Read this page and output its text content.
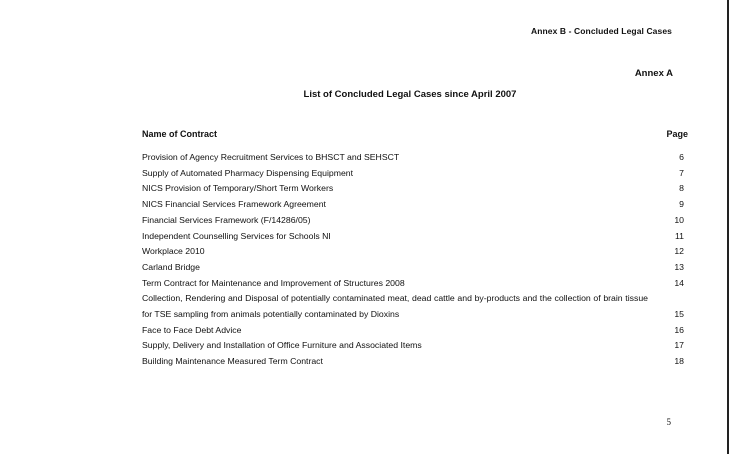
Annex B - Concluded Legal Cases
Annex A
List of Concluded Legal Cases since April 2007
Name of Contract	Page
Provision of Agency Recruitment Services to BHSCT and SEHSCT	6
Supply of Automated Pharmacy Dispensing Equipment	7
NICS Provision of Temporary/Short Term Workers	8
NICS Financial Services Framework Agreement	9
Financial Services Framework (F/14286/05)	10
Independent Counselling Services for Schools NI	11
Workplace 2010	12
Carland Bridge	13
Term Contract for Maintenance and Improvement of Structures 2008	14
Collection, Rendering and Disposal of potentially contaminated meat, dead cattle and by-products and the collection of brain tissue for TSE sampling from animals potentially contaminated by Dioxins	15
Face to Face Debt Advice	16
Supply, Delivery and Installation of Office Furniture and Associated Items	17
Building Maintenance Measured Term Contract	18
5
